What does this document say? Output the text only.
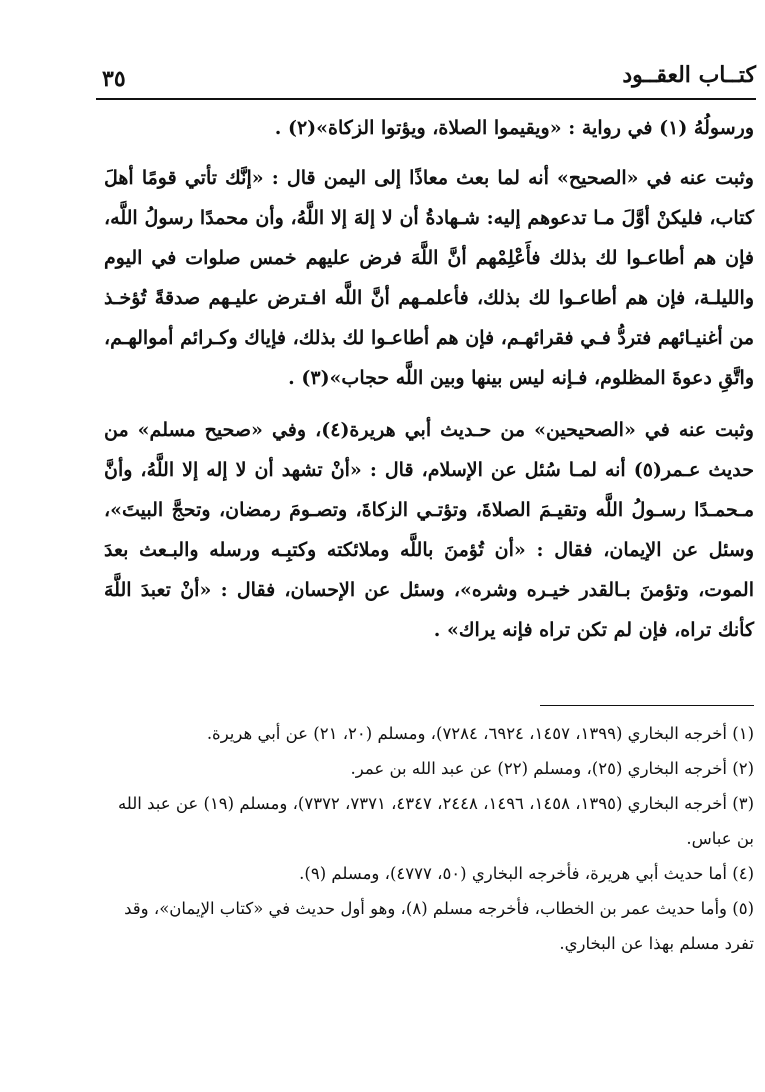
كتــاب العقــود
٣٥

ورسولُهُ (١) في رواية : «ويقيموا الصلاة، ويؤتوا الزكاة»(٢) .

وثبت عنه في «الصحيح» أنه لما بعث معاذًا إلى اليمن قال : «إنَّك تأتي قومًا أهلَ كتاب، فليكنْ أوَّلَ مـا تدعوهم إليه: شـهادةُ أن لا إلهَ إلا اللَّهُ، وأن محمدًا رسولُ اللَّه، فإن هم أطاعـوا لك بذلك فأَعْلِمْهم أنَّ اللَّهَ فرض عليهم خمس صلوات في اليوم والليلـة، فإن هم أطاعـوا لك بذلك، فأعلمـهم أنَّ اللَّه افـترض عليـهم صدقةً تُؤخـذ من أغنيـائهم فتردُّ فـي فقرائهـم، فإن هم أطاعـوا لك بذلك، فإياك وكـرائم أموالهـم، واتَّقِ دعوةَ المظلوم، فـإنه ليس بينها وبين اللَّه حجاب»(٣) .

وثبت عنه في «الصحيحين» من حـديث أبي هريرة(٤)، وفي «صحيح مسلم» من حديث عـمر(٥) أنه لمـا سُئل عن الإسلام، قال : «أنْ تشهد أن لا إله إلا اللَّهُ، وأنَّ مـحمـدًا رسـولُ اللَّه وتقيـمَ الصلاةَ، وتؤتـي الزكاةَ، وتصـومَ رمضان، وتحجَّ البيتَ»، وسئل عن الإيمان، فقال : «أن تُؤمنَ باللَّه وملائكته وكتبِـه ورسله والبـعث بعدَ الموت، وتؤمنَ بـالقدر خيـره وشره»، وسئل عن الإحسان، فقال : «أنْ تعبدَ اللَّهَ كأنك تراه، فإن لم تكن تراه فإنه يراك» .

(١) أخرجه البخاري (١٣٩٩، ١٤٥٧، ٦٩٢٤، ٧٢٨٤)، ومسلم (٢٠، ٢١) عن أبي هريرة.

(٢) أخرجه البخاري (٢٥)، ومسلم (٢٢) عن عبد الله بن عمر.

(٣) أخرجه البخاري (١٣٩٥، ١٤٥٨، ١٤٩٦، ٢٤٤٨، ٤٣٤٧، ٧٣٧١، ٧٣٧٢)، ومسلم (١٩) عن عبد الله بن عباس.

(٤) أما حديث أبي هريرة، فأخرجه البخاري (٥٠، ٤٧٧٧)، ومسلم (٩).

(٥) وأما حديث عمر بن الخطاب، فأخرجه مسلم (٨)، وهو أول حديث في «كتاب الإيمان»، وقد تفرد مسلم بهذا عن البخاري.
